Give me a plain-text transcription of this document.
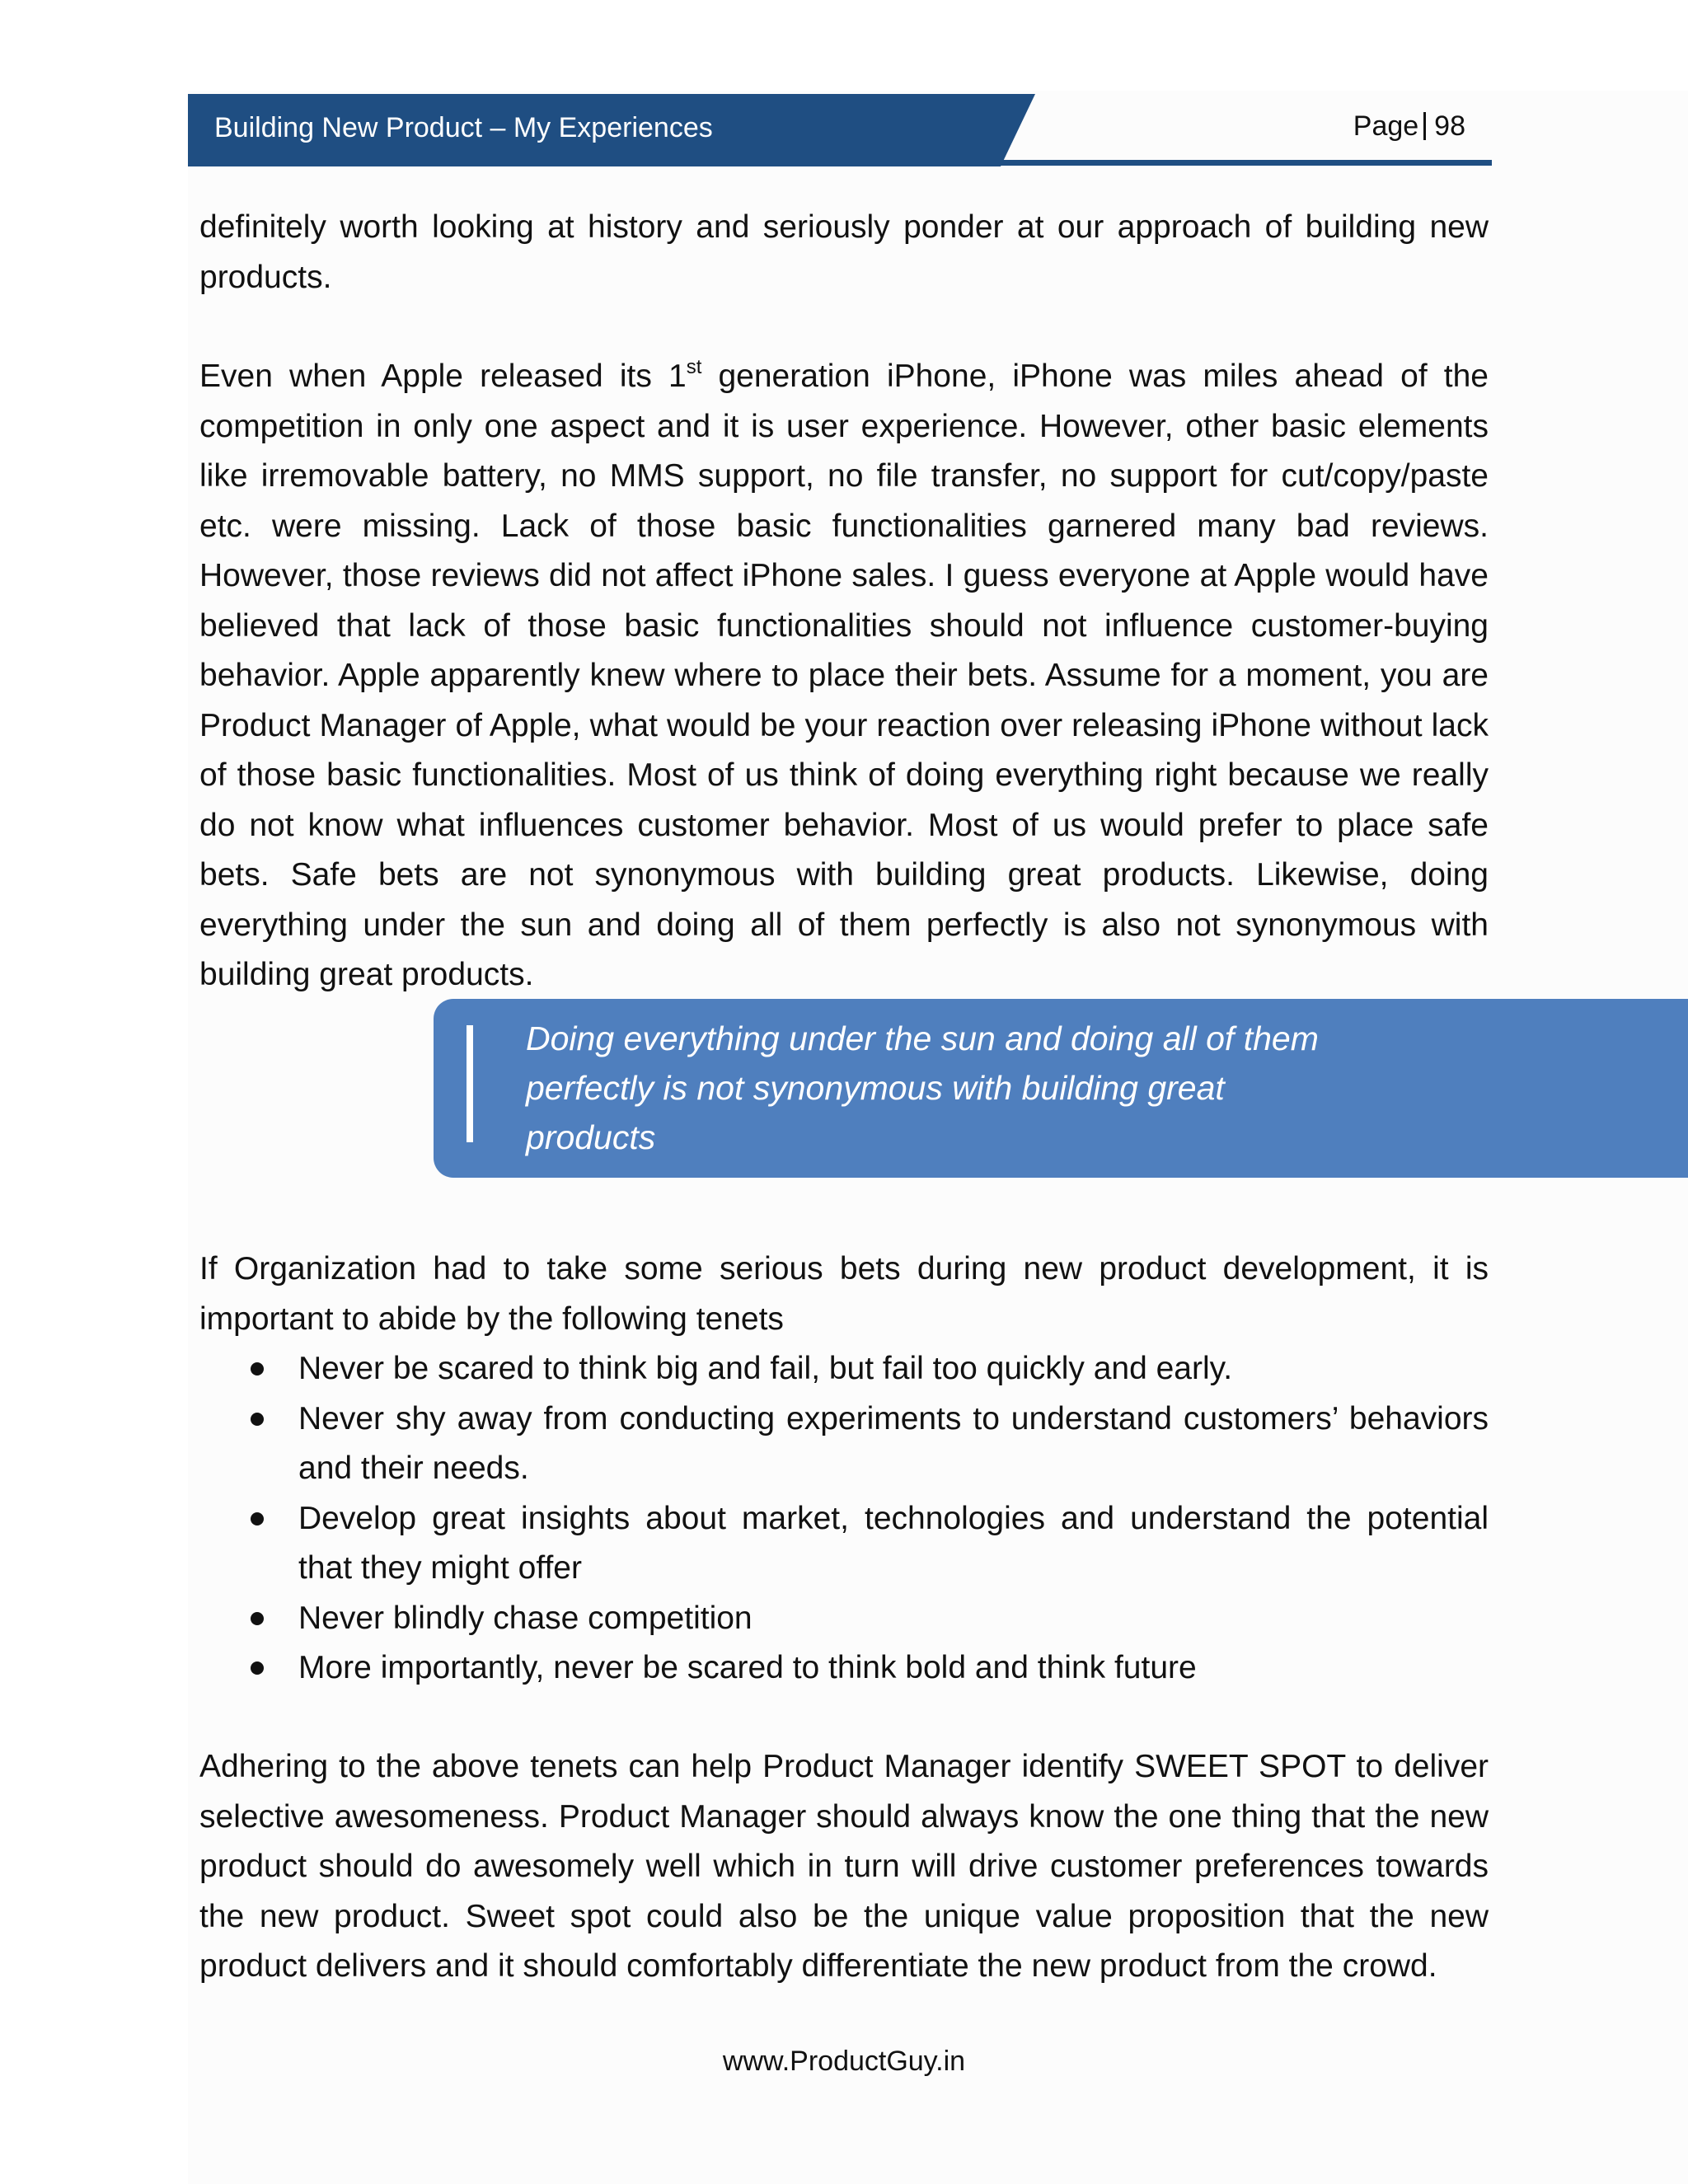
Building New Product – My Experiences	Page 98

definitely worth looking at history and seriously ponder at our approach of building new products.

Even when Apple released its 1st generation iPhone, iPhone was miles ahead of the competition in only one aspect and it is user experience. However, other basic elements like irremovable battery, no MMS support, no file transfer, no support for cut/copy/paste etc. were missing. Lack of those basic functionalities garnered many bad reviews. However, those reviews did not affect iPhone sales. I guess everyone at Apple would have believed that lack of those basic functionalities should not influence customer-buying behavior. Apple apparently knew where to place their bets. Assume for a moment, you are Product Manager of Apple, what would be your reaction over releasing iPhone without lack of those basic functionalities. Most of us think of doing everything right because we really do not know what influences customer behavior. Most of us would prefer to place safe bets. Safe bets are not synonymous with building great products. Likewise, doing everything under the sun and doing all of them perfectly is also not synonymous with building great products.

Doing everything under the sun and doing all of them perfectly is not synonymous with building great products

If Organization had to take some serious bets during new product development, it is important to abide by the following tenets

Never be scared to think big and fail, but fail too quickly and early.
Never shy away from conducting experiments to understand customers’ behaviors and their needs.
Develop great insights about market, technologies and understand the potential that they might offer
Never blindly chase competition
More importantly, never be scared to think bold and think future

Adhering to the above tenets can help Product Manager identify SWEET SPOT to deliver selective awesomeness. Product Manager should always know the one thing that the new product should do awesomely well which in turn will drive customer preferences towards the new product. Sweet spot could also be the unique value proposition that the new product delivers and it should comfortably differentiate the new product from the crowd.

www.ProductGuy.in
